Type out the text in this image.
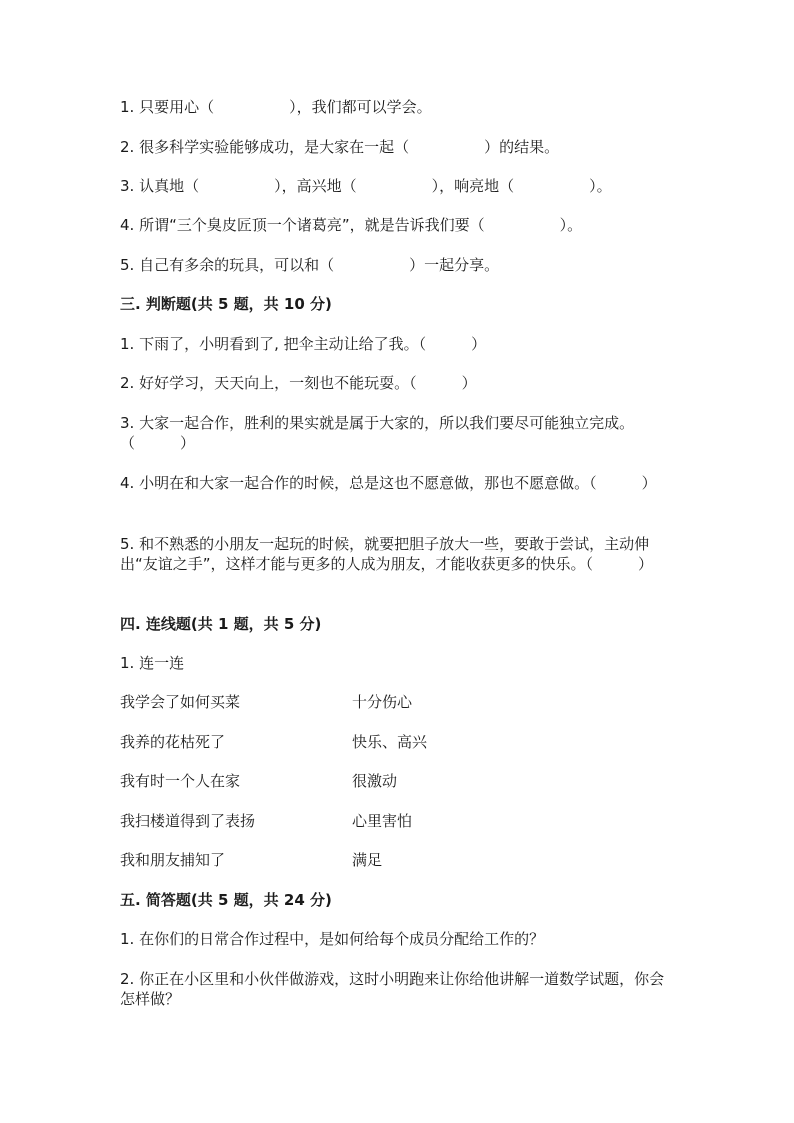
1. 只要用心（　　　　　），我们都可以学会。
2. 很多科学实验能够成功，是大家在一起（　　　　　）的结果。
3. 认真地（　　　　　），高兴地（　　　　　），响亮地（　　　　　）。
4. 所谓“三个臭皮匠顶一个诸葛亮”，就是告诉我们要（　　　　　）。
5. 自己有多余的玩具，可以和（　　　　　）一起分享。
三. 判断题(共 5 题，共 10 分)
1. 下雨了，小明看到了, 把伞主动让给了我。（　　　）
2. 好好学习，天天向上，一刻也不能玩耍。（　　　）
3. 大家一起合作，胜利的果实就是属于大家的，所以我们要尽可能独立完成。（　　　）
4. 小明在和大家一起合作的时候，总是这也不愿意做，那也不愿意做。（　　　）
5. 和不熟悉的小朋友一起玩的时候，就要把胆子放大一些，要敢于尝试，主动伸出“友谊之手”，这样才能与更多的人成为朋友，才能收获更多的快乐。（　　　）
四. 连线题(共 1 题，共 5 分)
1. 连一连
我学会了如何买菜	十分伤心
我养的花枯死了	快乐、高兴
我有时一个人在家	很激动
我扫楼道得到了表扬	心里害怕
我和朋友捕知了	满足
五. 简答题(共 5 题，共 24 分)
1. 在你们的日常合作过程中，是如何给每个成员分配给工作的？
2. 你正在小区里和小伙伴做游戏，这时小明跑来让你给他讲解一道数学试题，你会怎样做？
